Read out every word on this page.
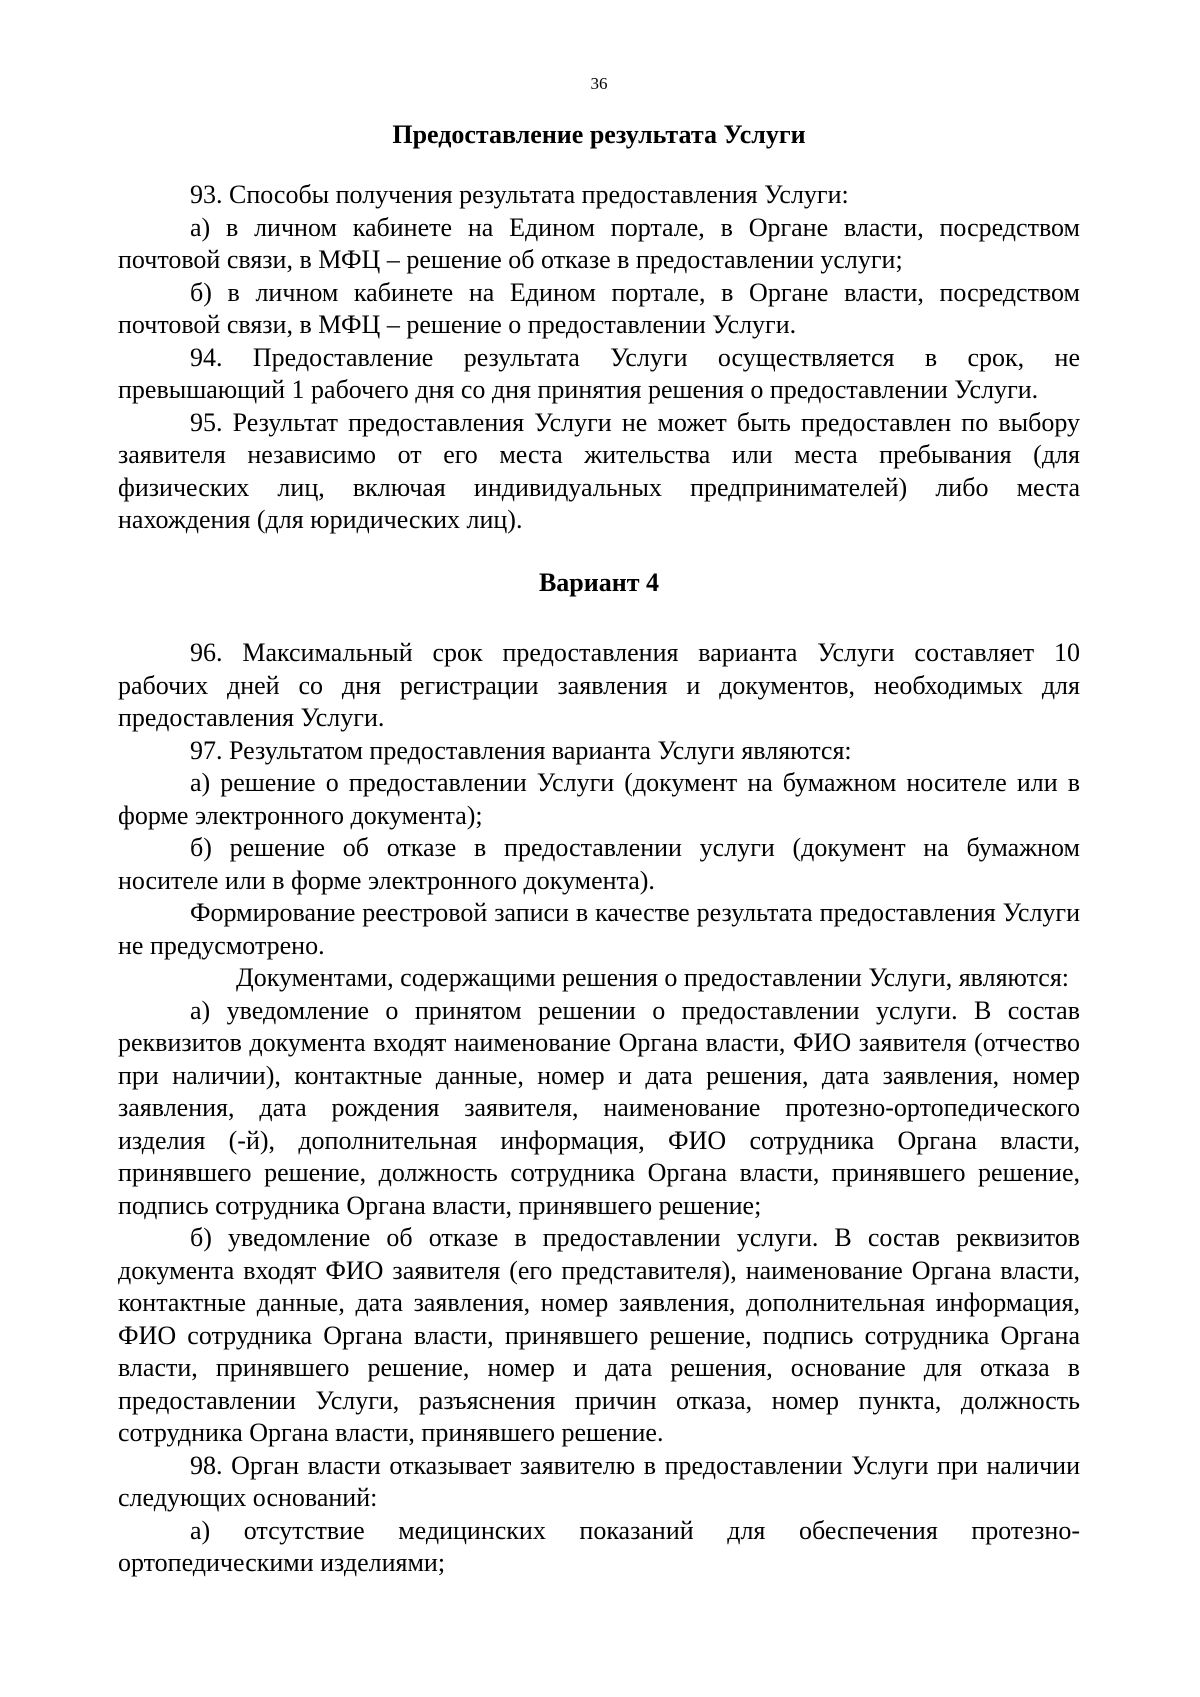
36
Предоставление результата Услуги

93. Способы получения результата предоставления Услуги:

а) в личном кабинете на Едином портале, в Органе власти, посредством почтовой связи, в МФЦ – решение об отказе в предоставлении услуги;

б) в личном кабинете на Едином портале, в Органе власти, посредством почтовой связи, в МФЦ – решение о предоставлении Услуги.

94. Предоставление результата Услуги осуществляется в срок, не превышающий 1 рабочего дня со дня принятия решения о предоставлении Услуги.

95. Результат предоставления Услуги не может быть предоставлен по выбору заявителя независимо от его места жительства или места пребывания (для физических лиц, включая индивидуальных предпринимателей) либо места нахождения (для юридических лиц).

Вариант 4

96. Максимальный срок предоставления варианта Услуги составляет 10 рабочих дней со дня регистрации заявления и документов, необходимых для предоставления Услуги.

97. Результатом предоставления варианта Услуги являются:

а) решение о предоставлении Услуги (документ на бумажном носителе или в форме электронного документа);

б) решение об отказе в предоставлении услуги (документ на бумажном носителе или в форме электронного документа).

Формирование реестровой записи в качестве результата предоставления Услуги не предусмотрено.

Документами, содержащими решения о предоставлении Услуги, являются:

а) уведомление о принятом решении о предоставлении услуги. В состав реквизитов документа входят наименование Органа власти, ФИО заявителя (отчество при наличии), контактные данные, номер и дата решения, дата заявления, номер заявления, дата рождения заявителя, наименование протезно-ортопедического изделия (-й), дополнительная информация, ФИО сотрудника Органа власти, принявшего решение, должность сотрудника Органа власти, принявшего решение, подпись сотрудника Органа власти, принявшего решение;

б) уведомление об отказе в предоставлении услуги. В состав реквизитов документа входят ФИО заявителя (его представителя), наименование Органа власти, контактные данные, дата заявления, номер заявления, дополнительная информация, ФИО сотрудника Органа власти, принявшего решение, подпись сотрудника Органа власти, принявшего решение, номер и дата решения, основание для отказа в предоставлении Услуги, разъяснения причин отказа, номер пункта, должность сотрудника Органа власти, принявшего решение.

98. Орган власти отказывает заявителю в предоставлении Услуги при наличии следующих оснований:

а) отсутствие медицинских показаний для обеспечения протезно-ортопедическими изделиями;
